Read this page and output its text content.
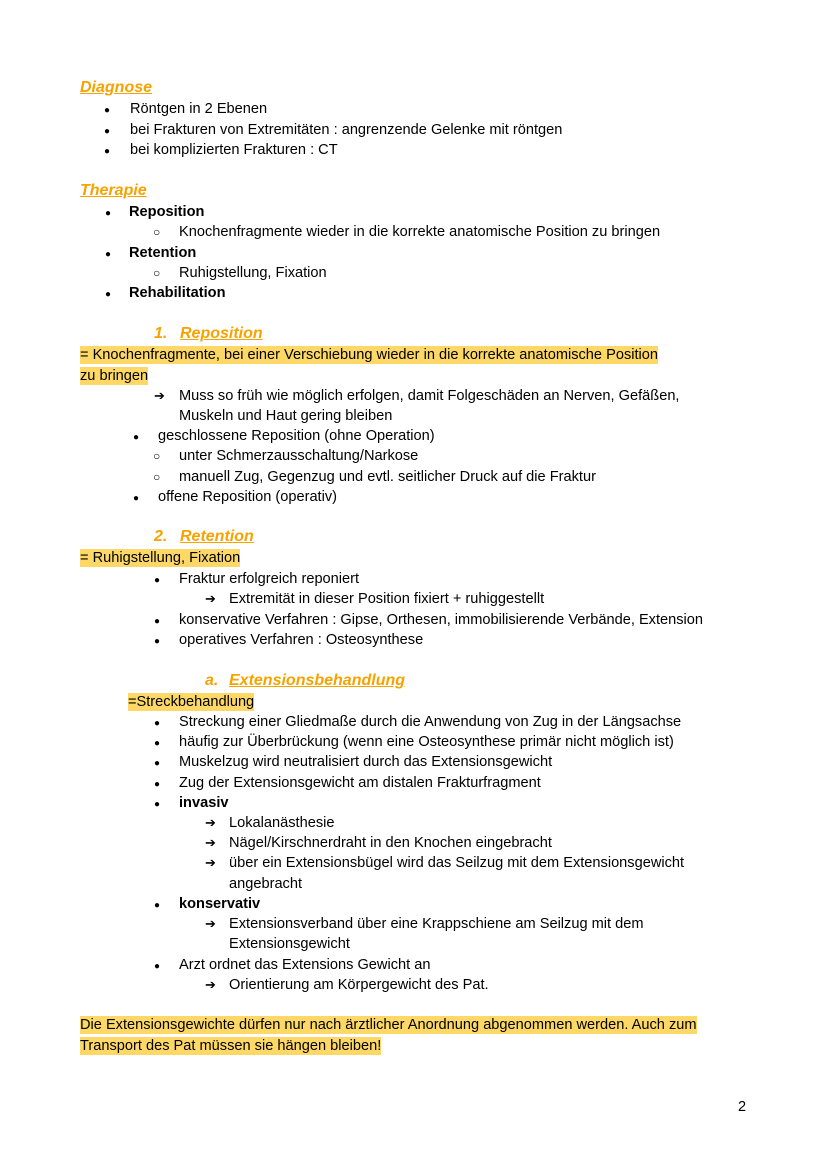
Diagnose
●
Röntgen in 2 Ebenen
●
bei Frakturen von Extremitäten : angrenzende Gelenke mit röntgen
●
bei komplizierten Frakturen : CT
Therapie
●
Reposition
○
Knochenfragmente wieder in die korrekte anatomische Position zu bringen
●
Retention
○
Ruhigstellung, Fixation
●
Rehabilitation
1. Reposition
= Knochenfragmente, bei einer Verschiebung wieder in die korrekte anatomische Position
zu bringen
➔
Muss so früh wie möglich erfolgen, damit Folgeschäden an Nerven, Gefäßen,
Muskeln und Haut gering bleiben
●
geschlossene Reposition (ohne Operation)
○
unter Schmerzausschaltung/Narkose
○
manuell Zug, Gegenzug und evtl. seitlicher Druck auf die Fraktur
●
offene Reposition (operativ)
2. Retention
= Ruhigstellung, Fixation
●
Fraktur erfolgreich reponiert
➔
Extremität in dieser Position fixiert + ruhiggestellt
●
konservative Verfahren : Gipse, Orthesen, immobilisierende Verbände, Extension
●
operatives Verfahren : Osteosynthese
a. Extensionsbehandlung
=Streckbehandlung
●
Streckung einer Gliedmaße durch die Anwendung von Zug in der Längsachse
●
häufig zur Überbrückung (wenn eine Osteosynthese primär nicht möglich ist)
●
Muskelzug wird neutralisiert durch das Extensionsgewicht
●
Zug der Extensionsgewicht am distalen Frakturfragment
●
invasiv
➔
Lokalanästhesie
➔
Nägel/Kirschnerdraht in den Knochen eingebracht
➔
über ein Extensionsbügel wird das Seilzug mit dem Extensionsgewicht
angebracht
●
konservativ
➔
Extensionsverband über eine Krappschiene am Seilzug mit dem
Extensionsgewicht
●
Arzt ordnet das Extensions Gewicht an
➔
Orientierung am Körpergewicht des Pat.
Die Extensionsgewichte dürfen nur nach ärztlicher Anordnung abgenommen werden. Auch zum
Transport des Pat müssen sie hängen bleiben!
2
